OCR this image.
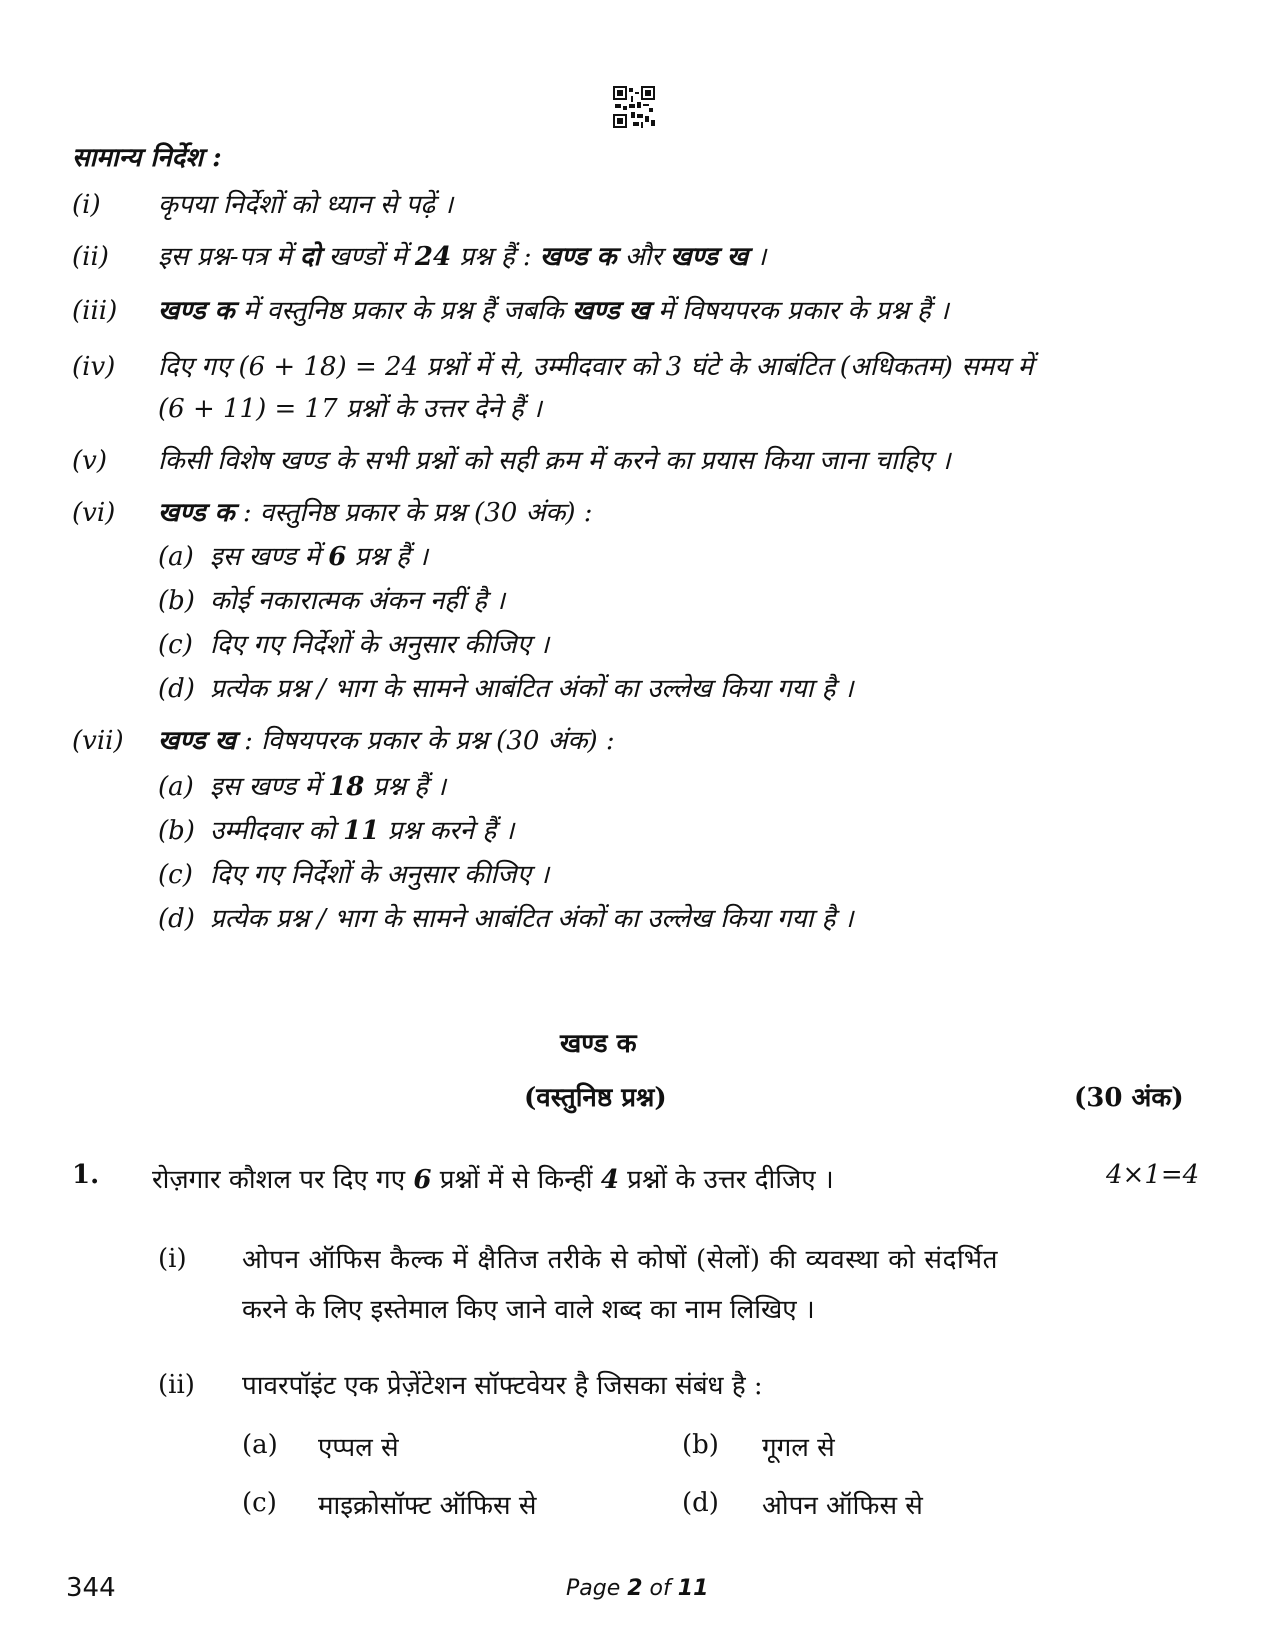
सामान्य निर्देश :
(i)	कृपया निर्देशों को ध्यान से पढ़ें ।
(ii)	इस प्रश्न-पत्र में दो खण्डों में 24 प्रश्न हैं : खण्ड क और खण्ड ख ।
(iii)	खण्ड क में वस्तुनिष्ठ प्रकार के प्रश्न हैं जबकि खण्ड ख में विषयपरक प्रकार के प्रश्न हैं ।
(iv)	दिए गए (6 + 18) = 24 प्रश्नों में से, उम्मीदवार को 3 घंटे के आबंटित (अधिकतम) समय में
(6 + 11) = 17 प्रश्नों के उत्तर देने हैं ।
(v)	किसी विशेष खण्ड के सभी प्रश्नों को सही क्रम में करने का प्रयास किया जाना चाहिए ।
(vi)	खण्ड क : वस्तुनिष्ठ प्रकार के प्रश्न (30 अंक) :
(a) इस खण्ड में 6 प्रश्न हैं ।
(b) कोई नकारात्मक अंकन नहीं है ।
(c) दिए गए निर्देशों के अनुसार कीजिए ।
(d) प्रत्येक प्रश्न / भाग के सामने आबंटित अंकों का उल्लेख किया गया है ।
(vii)	खण्ड ख : विषयपरक प्रकार के प्रश्न (30 अंक) :
(a) इस खण्ड में 18 प्रश्न हैं ।
(b) उम्मीदवार को 11 प्रश्न करने हैं ।
(c) दिए गए निर्देशों के अनुसार कीजिए ।
(d) प्रत्येक प्रश्न / भाग के सामने आबंटित अंकों का उल्लेख किया गया है ।
खण्ड क
(वस्तुनिष्ठ प्रश्न)	(30 अंक)
1. रोज़गार कौशल पर दिए गए 6 प्रश्नों में से किन्हीं 4 प्रश्नों के उत्तर दीजिए ।	4×1=4
(i) ओपन ऑफिस कैल्क में क्षैतिज तरीके से कोषों (सेलों) की व्यवस्था को संदर्भित
करने के लिए इस्तेमाल किए जाने वाले शब्द का नाम लिखिए ।
(ii) पावरपॉइंट एक प्रेज़ेंटेशन सॉफ्टवेयर है जिसका संबंध है :
(a) एप्पल से	(b) गूगल से
(c) माइक्रोसॉफ्ट ऑफिस से	(d) ओपन ऑफिस से
344	Page 2 of 11
